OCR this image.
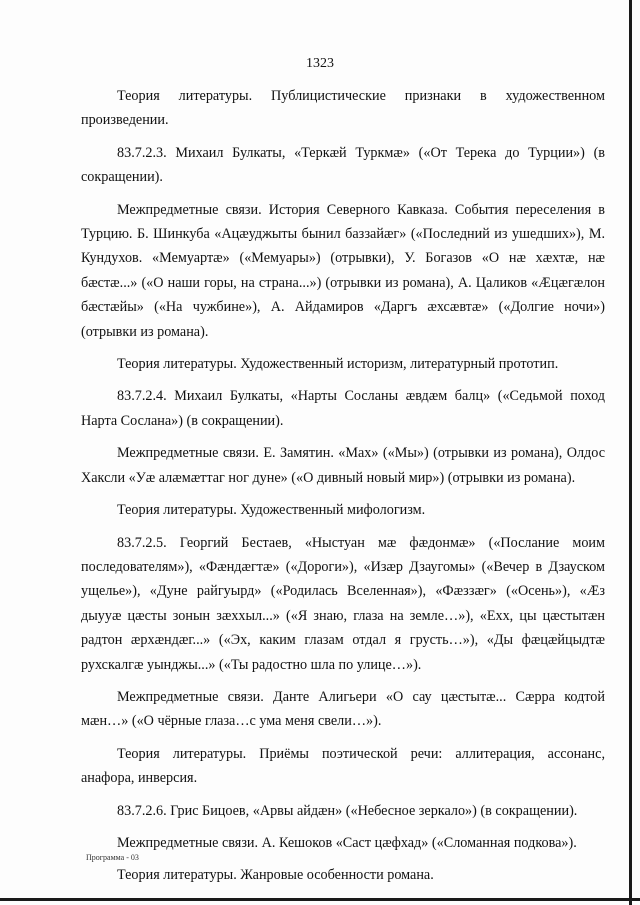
1323

Теория литературы. Публицистические признаки в художественном произведении.

83.7.2.3. Михаил Булкаты, «Теркæй Туркмæ» («От Терека до Турции») (в сокращении).

Межпредметные связи. История Северного Кавказа. События переселения в Турцию. Б. Шинкуба «Ацæуджыты бынил баззайæг» («Последний из ушедших»), М. Кундухов. «Мемуартæ» («Мемуары») (отрывки), У. Богазов «О нæ хæхтæ, нæ бæстæ...» («О наши горы, на страна...») (отрывки из романа), А. Цаликов «Æцæгæлон бæстæйы» («На чужбине»), А. Айдамиров «Даргъ æхсæвтæ» («Долгие ночи») (отрывки из романа).

Теория литературы. Художественный историзм, литературный прототип.

83.7.2.4. Михаил Булкаты, «Нарты Сосланы æвдæм балц» («Седьмой поход Нарта Сослана») (в сокращении).

Межпредметные связи. Е. Замятин. «Мах» («Мы») (отрывки из романа), Олдос Хаксли «Уæ алæмæттаг ног дуне» («О дивный новый мир») (отрывки из романа).

Теория литературы. Художественный мифологизм.

83.7.2.5. Георгий Бестаев, «Ныстуан мæ фæдонмæ» («Послание моим последователям»), «Фæндæгтæ» («Дороги»), «Изæр Дзаугомы» («Вечер в Дзауском ущелье»), «Дуне райгуырд» («Родилась Вселенная»), «Фæззæг» («Осень»), «Æз дыууæ цæсты зонын зæххыл...» («Я знаю, глаза на земле…»), «Ехх, цы цæстытæн радтон æрхæндæг...» («Эх, каким глазам отдал я грусть…»), «Ды фæцæйцыдтæ рухскалгæ уынджы...» («Ты радостно шла по улице…»).

Межпредметные связи. Данте Алигьери «О сау цæстытæ... Сæрра кодтой мæн…» («О чёрные глаза…с ума меня свели…»).

Теория литературы. Приёмы поэтической речи: аллитерация, ассонанс, анафора, инверсия.

83.7.2.6. Грис Бицоев, «Арвы айдæн» («Небесное зеркало») (в сокращении).

Межпредметные связи. А. Кешоков «Саст цæфхад» («Сломанная подкова»).

Теория литературы. Жанровые особенности романа.

Программа - 03
